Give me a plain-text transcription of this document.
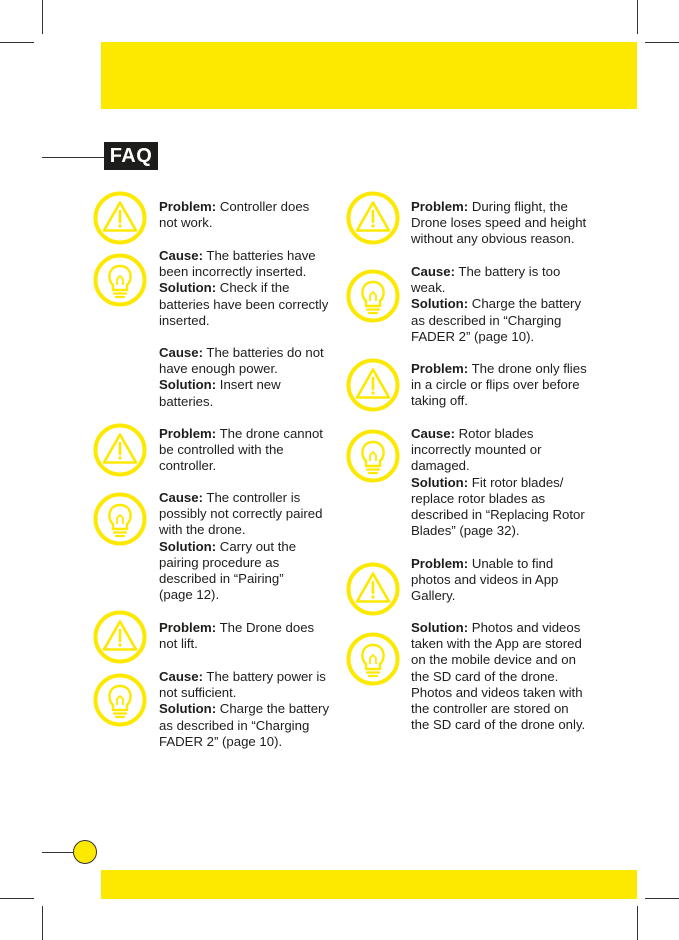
FAQ

Problem: Controller does not work.

Cause: The batteries have been incorrectly inserted.

Solution: Check if the batteries have been correctly inserted.

Cause: The batteries do not have enough power.

Solution: Insert new batteries.

Problem: The drone cannot be controlled with the controller.

Cause: The controller is possibly not correctly paired with the drone.

Solution: Carry out the pairing procedure as described in “Pairing”

(page 12).

Problem: The Drone does not lift.

Cause: The battery power is not sufficient.

Solution: Charge the battery as described in “Charging FADER 2” (page 10).

Problem: During flight, the Drone loses speed and height without any obvious reason.

Cause: The battery is too weak.

Solution: Charge the battery as described in “Charging FADER 2” (page 10).

Problem: The drone only flies in a circle or flips over before taking off.

Cause: Rotor blades incorrectly mounted or damaged.

Solution: Fit rotor blades/ replace rotor blades as described in “Replacing Rotor Blades” (page 32).

Problem: Unable to find photos and videos in App Gallery.

Solution: Photos and videos taken with the App are stored on the mobile device and on the SD card of the drone. Photos and videos taken with the controller are stored on the SD card of the drone only.
